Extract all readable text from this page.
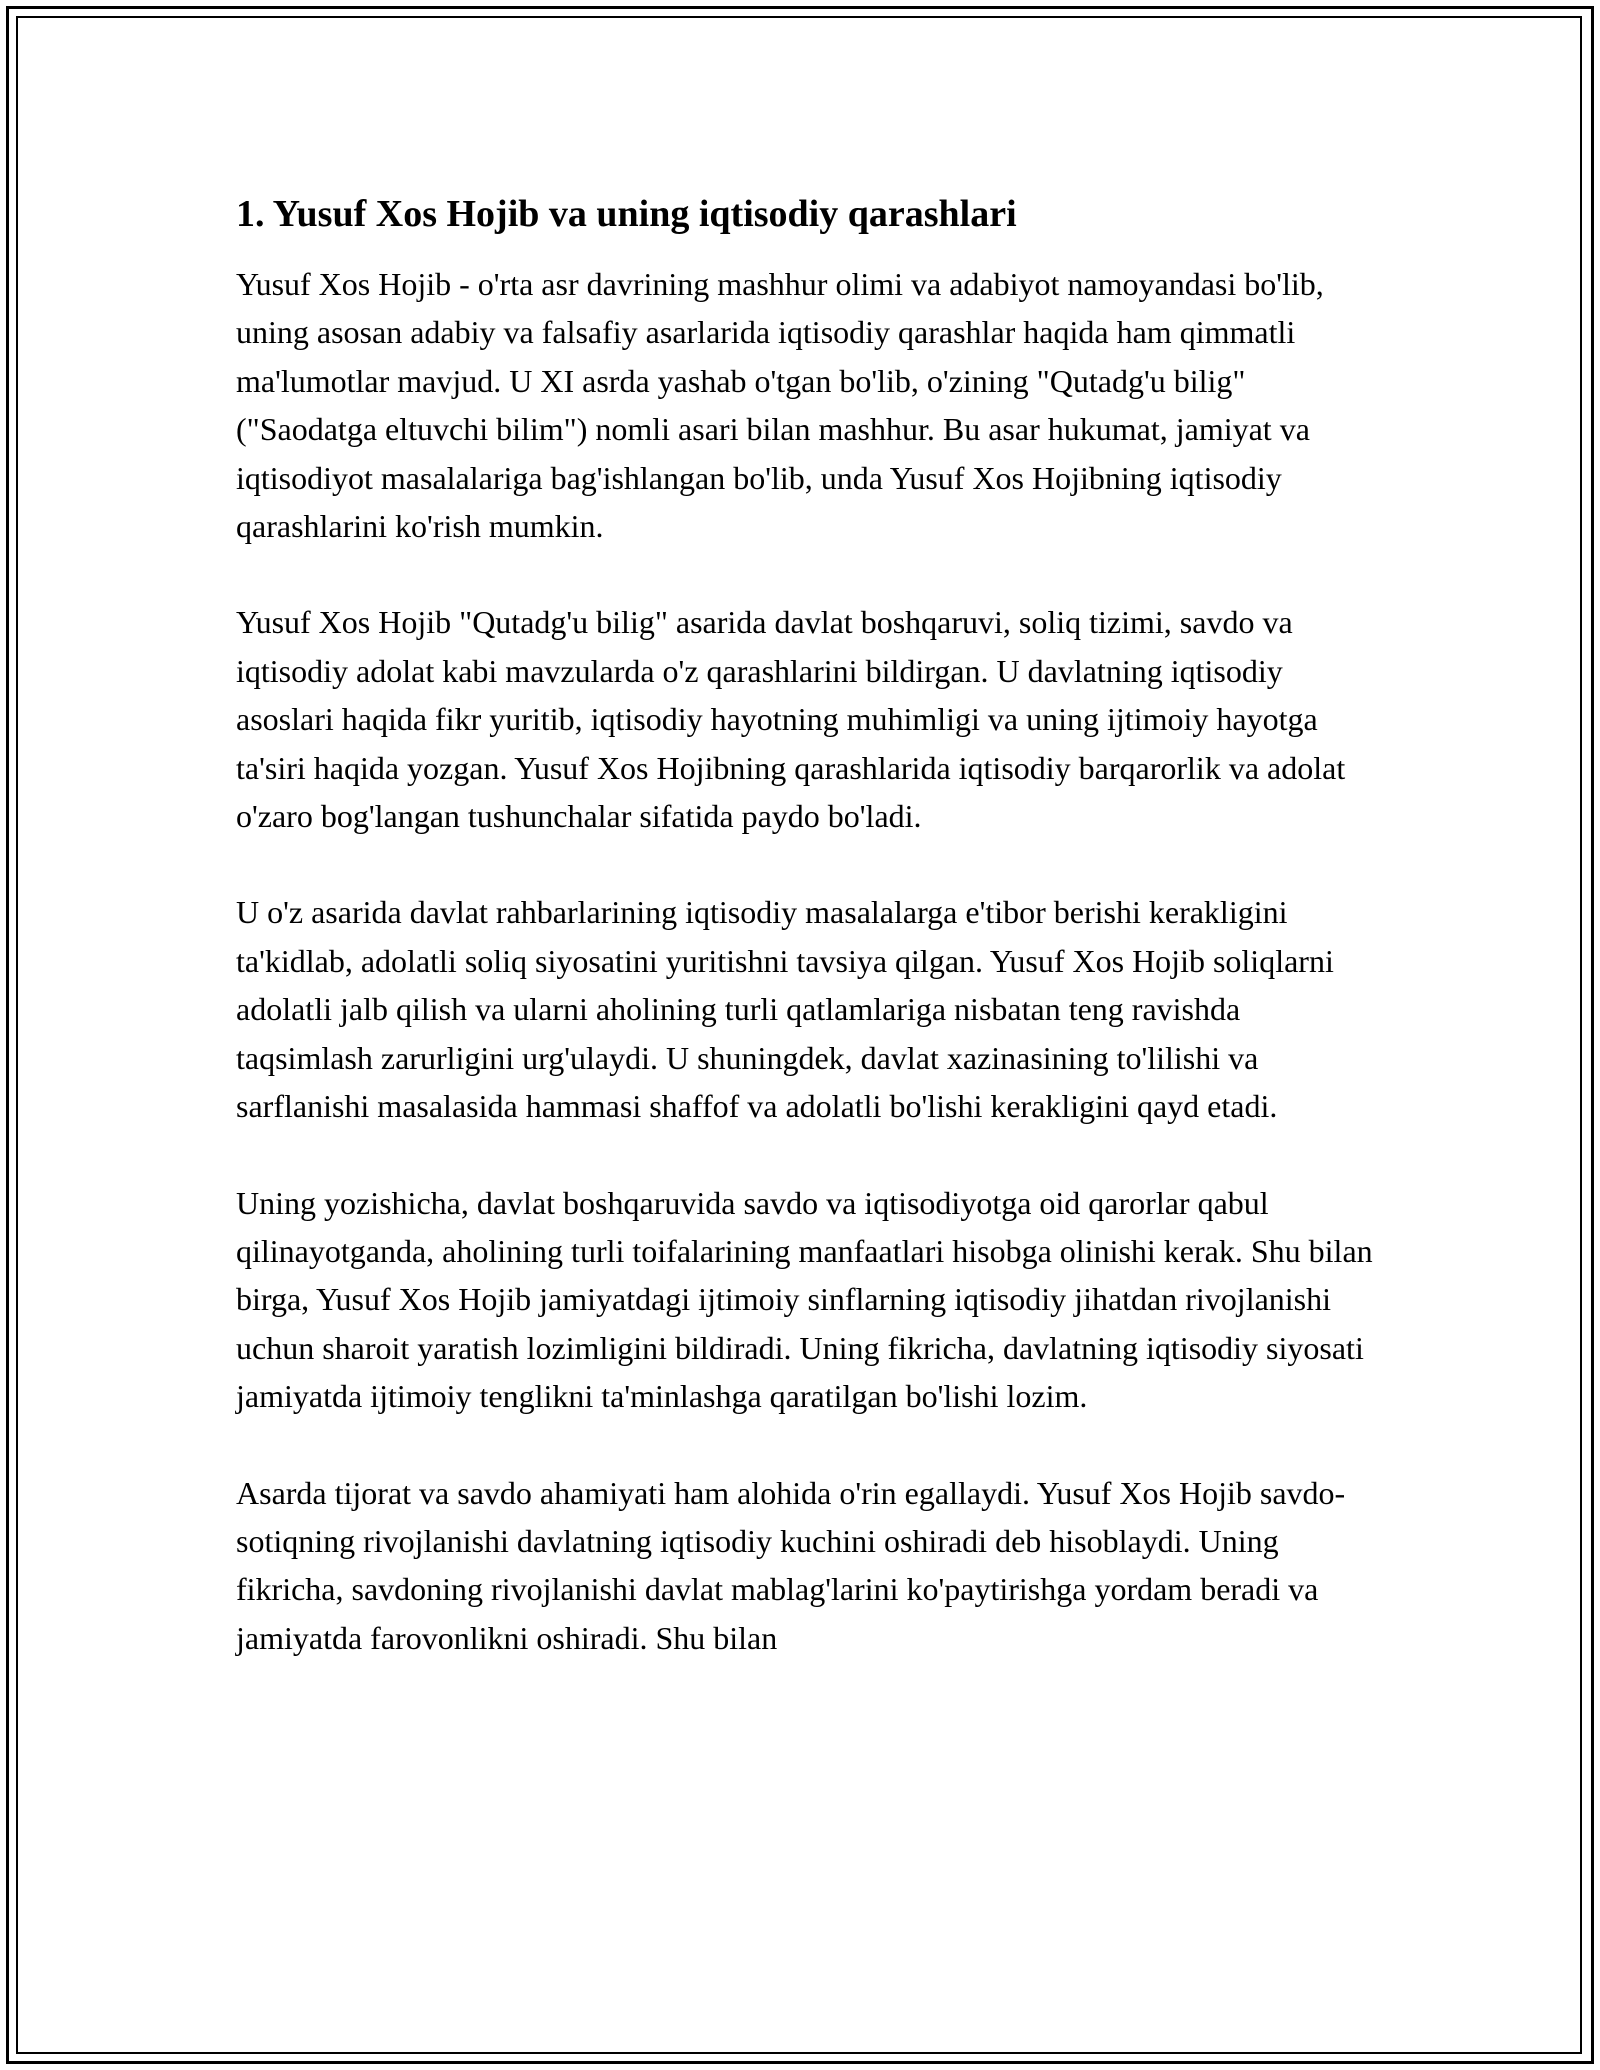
1. Yusuf Xos Hojib va uning iqtisodiy qarashlari

Yusuf Xos Hojib - o'rta asr davrining mashhur olimi va adabiyot namoyandasi bo'lib, uning asosan adabiy va falsafiy asarlarida iqtisodiy qarashlar haqida ham qimmatli ma'lumotlar mavjud. U XI asrda yashab o'tgan bo'lib, o'zining "Qutadg'u bilig" ("Saodatga eltuvchi bilim") nomli asari bilan mashhur. Bu asar hukumat, jamiyat va iqtisodiyot masalalariga bag'ishlangan bo'lib, unda Yusuf Xos Hojibning iqtisodiy qarashlarini ko'rish mumkin.

Yusuf Xos Hojib "Qutadg'u bilig" asarida davlat boshqaruvi, soliq tizimi, savdo va iqtisodiy adolat kabi mavzularda o'z qarashlarini bildirgan. U davlatning iqtisodiy asoslari haqida fikr yuritib, iqtisodiy hayotning muhimligi va uning ijtimoiy hayotga ta'siri haqida yozgan. Yusuf Xos Hojibning qarashlarida iqtisodiy barqarorlik va adolat o'zaro bog'langan tushunchalar sifatida paydo bo'ladi.

U o'z asarida davlat rahbarlarining iqtisodiy masalalarga e'tibor berishi kerakligini ta'kidlab, adolatli soliq siyosatini yuritishni tavsiya qilgan. Yusuf Xos Hojib soliqlarni adolatli jalb qilish va ularni aholining turli qatlamlariga nisbatan teng ravishda taqsimlash zarurligini urg'ulaydi. U shuningdek, davlat xazinasining to'lilishi va sarflanishi masalasida hammasi shaffof va adolatli bo'lishi kerakligini qayd etadi.

Uning yozishicha, davlat boshqaruvida savdo va iqtisodiyotga oid qarorlar qabul qilinayotganda, aholining turli toifalarining manfaatlari hisobga olinishi kerak. Shu bilan birga, Yusuf Xos Hojib jamiyatdagi ijtimoiy sinflarning iqtisodiy jihatdan rivojlanishi uchun sharoit yaratish lozimligini bildiradi. Uning fikricha, davlatning iqtisodiy siyosati jamiyatda ijtimoiy tenglikni ta'minlashga qaratilgan bo'lishi lozim.

Asarda tijorat va savdo ahamiyati ham alohida o'rin egallaydi. Yusuf Xos Hojib savdo-sotiqning rivojlanishi davlatning iqtisodiy kuchini oshiradi deb hisoblaydi. Uning fikricha, savdoning rivojlanishi davlat mablag'larini ko'paytirishga yordam beradi va jamiyatda farovonlikni oshiradi. Shu bilan
